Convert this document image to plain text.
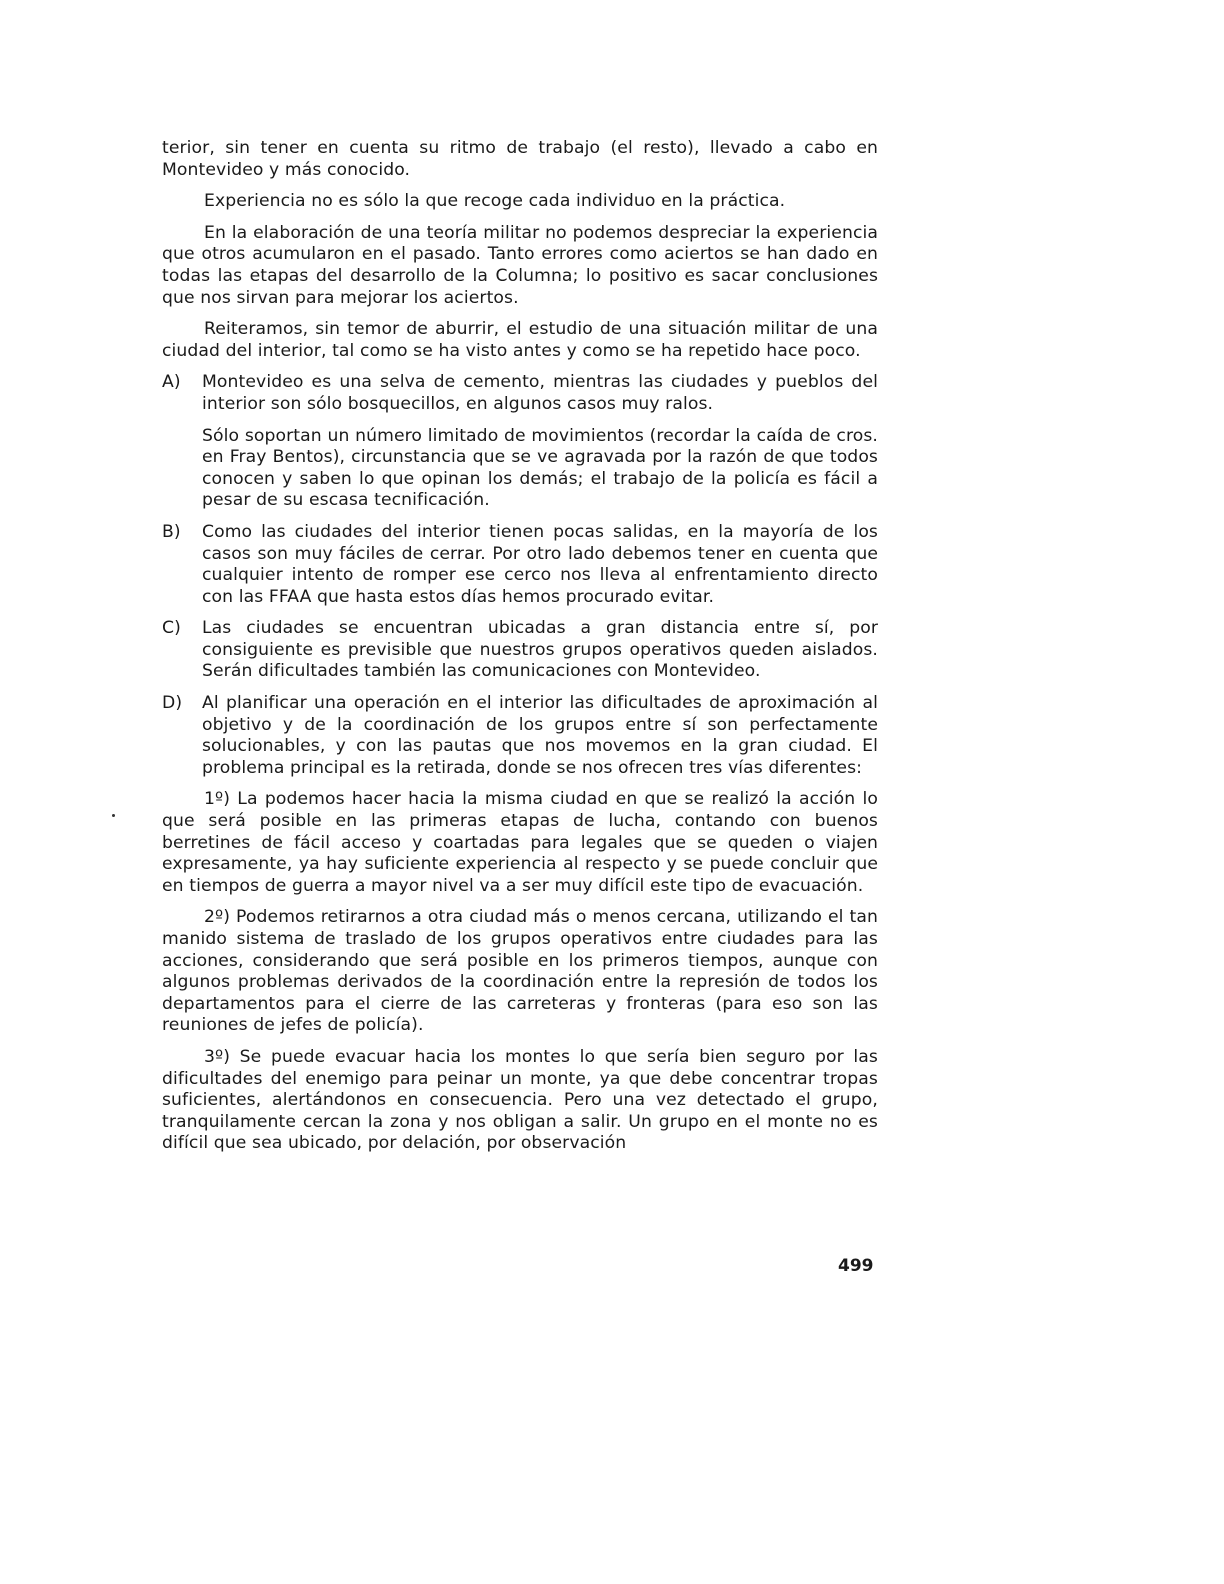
terior, sin tener en cuenta su ritmo de trabajo (el resto), llevado a cabo en Montevideo y más conocido.

Experiencia no es sólo la que recoge cada individuo en la práctica.

En la elaboración de una teoría militar no podemos despreciar la experiencia que otros acumularon en el pasado. Tanto errores como aciertos se han dado en todas las etapas del desarrollo de la Columna; lo positivo es sacar conclusiones que nos sirvan para mejorar los aciertos.

Reiteramos, sin temor de aburrir, el estudio de una situación militar de una ciudad del interior, tal como se ha visto antes y como se ha repetido hace poco.

A)	Montevideo es una selva de cemento, mientras las ciudades y pueblos del interior son sólo bosquecillos, en algunos casos muy ralos.

Sólo soportan un número limitado de movimientos (recordar la caída de cros. en Fray Bentos), circunstancia que se ve agravada por la razón de que todos conocen y saben lo que opinan los demás; el trabajo de la policía es fácil a pesar de su escasa tecnificación.

B)	Como las ciudades del interior tienen pocas salidas, en la mayoría de los casos son muy fáciles de cerrar. Por otro lado debemos tener en cuenta que cualquier intento de romper ese cerco nos lleva al enfrentamiento directo con las FFAA que hasta estos días hemos procurado evitar.

C)	Las ciudades se encuentran ubicadas a gran distancia entre sí, por consiguiente es previsible que nuestros grupos operativos queden aislados. Serán dificultades también las comunicaciones con Montevideo.

D)	Al planificar una operación en el interior las dificultades de aproximación al objetivo y de la coordinación de los grupos entre sí son perfectamente solucionables, y con las pautas que nos movemos en la gran ciudad. El problema principal es la retirada, donde se nos ofrecen tres vías diferentes:

1º) La podemos hacer hacia la misma ciudad en que se realizó la acción lo que será posible en las primeras etapas de lucha, contando con buenos berretines de fácil acceso y coartadas para legales que se queden o viajen expresamente, ya hay suficiente experiencia al respecto y se puede concluir que en tiempos de guerra a mayor nivel va a ser muy difícil este tipo de evacuación.

2º) Podemos retirarnos a otra ciudad más o menos cercana, utilizando el tan manido sistema de traslado de los grupos operativos entre ciudades para las acciones, considerando que será posible en los primeros tiempos, aunque con algunos problemas derivados de la coordinación entre la represión de todos los departamentos para el cierre de las carreteras y fronteras (para eso son las reuniones de jefes de policía).

3º) Se puede evacuar hacia los montes lo que sería bien seguro por las dificultades del enemigo para peinar un monte, ya que debe concentrar tropas suficientes, alertándonos en consecuencia. Pero una vez detectado el grupo, tranquilamente cercan la zona y nos obligan a salir. Un grupo en el monte no es difícil que sea ubicado, por delación, por observación

499
